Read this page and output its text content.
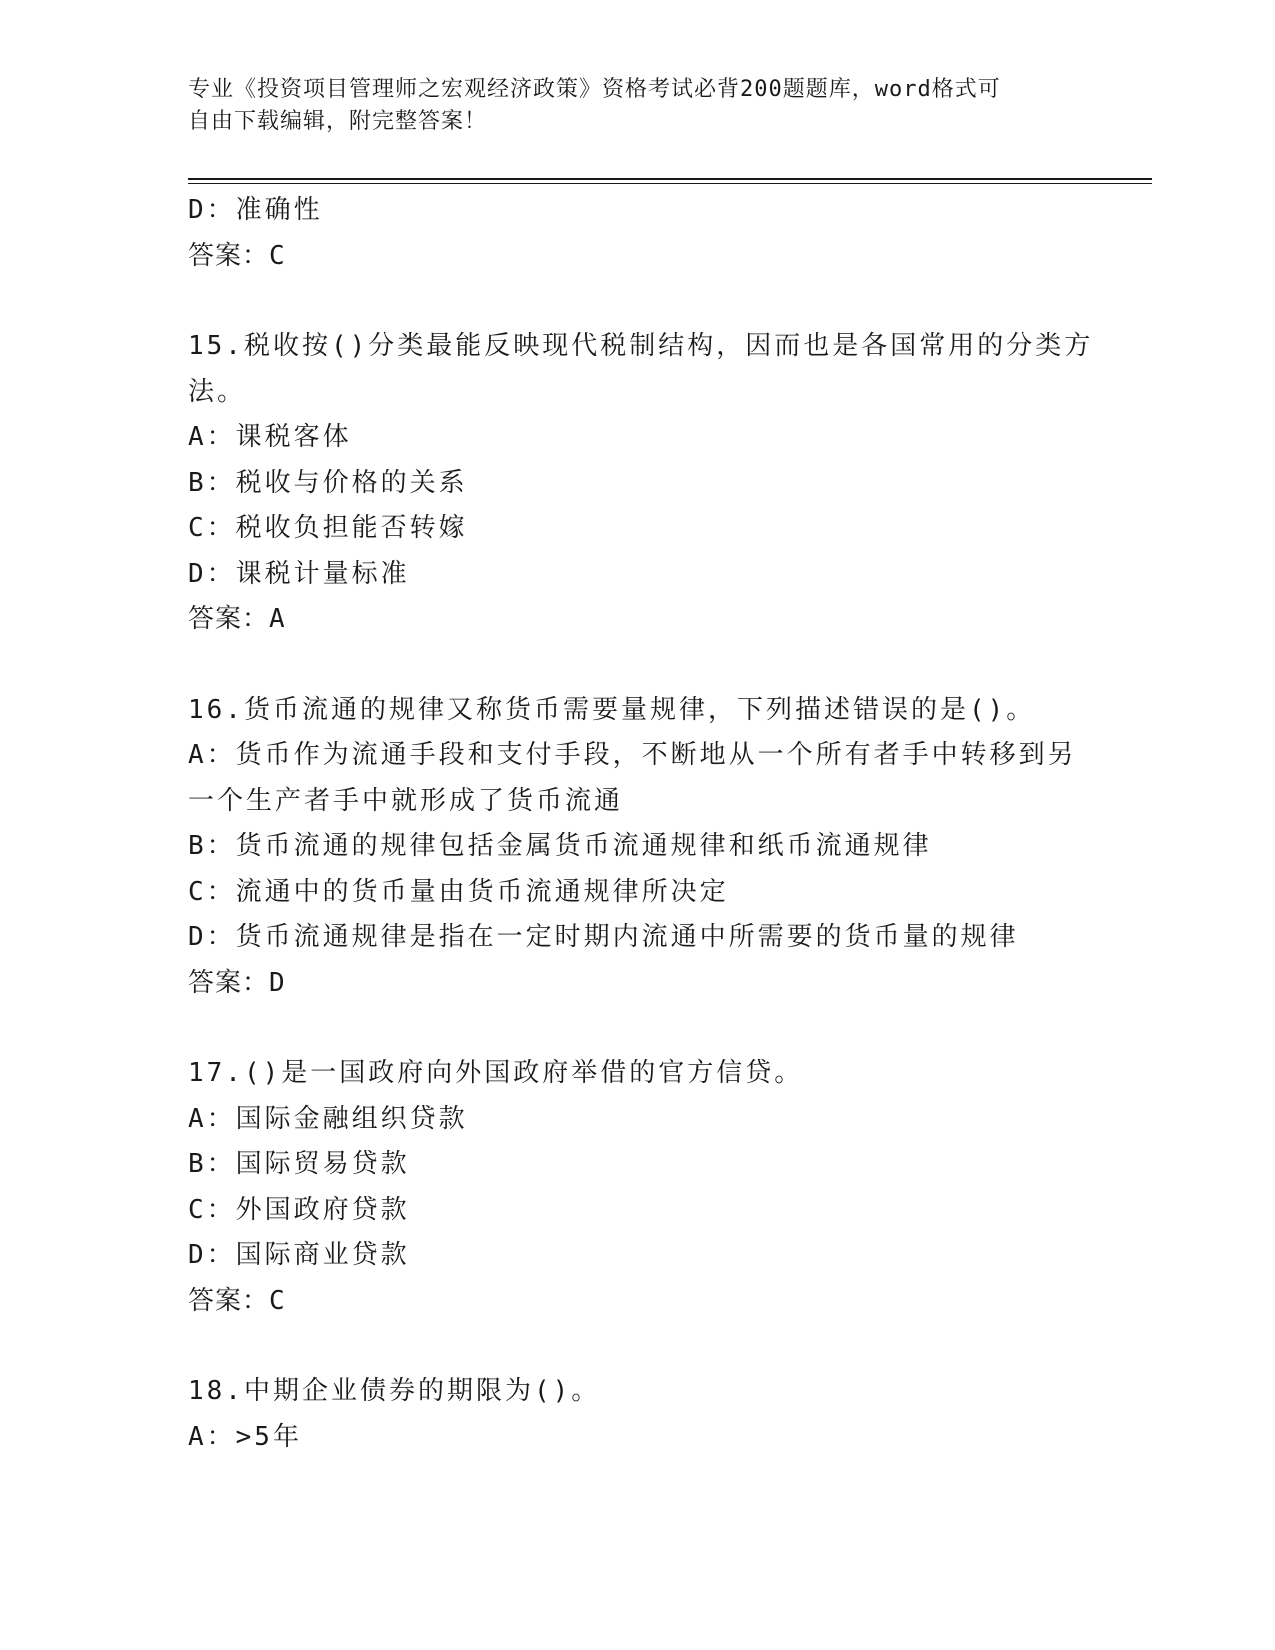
专业《投资项目管理师之宏观经济政策》资格考试必背200题题库，word格式可
自由下载编辑，附完整答案！
D：准确性
答案：C
15.税收按()分类最能反映现代税制结构，因而也是各国常用的分类方
法。
A：课税客体
B：税收与价格的关系
C：税收负担能否转嫁
D：课税计量标准
答案：A
16.货币流通的规律又称货币需要量规律，下列描述错误的是()。
A：货币作为流通手段和支付手段，不断地从一个所有者手中转移到另
一个生产者手中就形成了货币流通
B：货币流通的规律包括金属货币流通规律和纸币流通规律
C：流通中的货币量由货币流通规律所决定
D：货币流通规律是指在一定时期内流通中所需要的货币量的规律
答案：D
17.()是一国政府向外国政府举借的官方信贷。
A：国际金融组织贷款
B：国际贸易贷款
C：外国政府贷款
D：国际商业贷款
答案：C
18.中期企业债券的期限为()。
A：>5年
